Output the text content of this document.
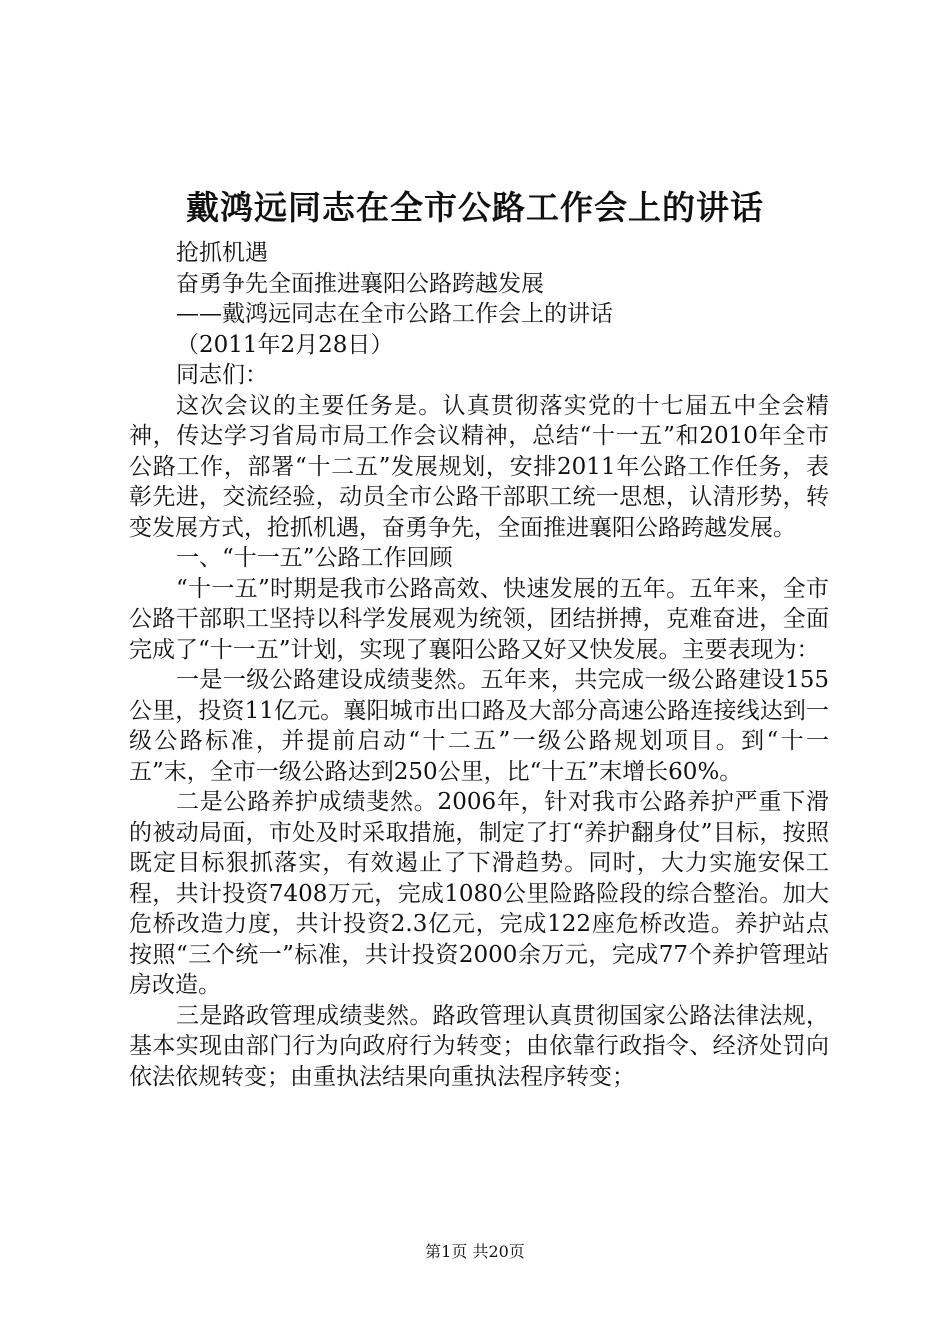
戴鸿远同志在全市公路工作会上的讲话

抢抓机遇

奋勇争先全面推进襄阳公路跨越发展

——戴鸿远同志在全市公路工作会上的讲话

（2011年2月28日）

同志们：

这次会议的主要任务是。认真贯彻落实党的十七届五中全会精神，传达学习省局市局工作会议精神，总结“十一五”和2010年全市公路工作，部署“十二五”发展规划，安排2011年公路工作任务，表彰先进，交流经验，动员全市公路干部职工统一思想，认清形势，转变发展方式，抢抓机遇，奋勇争先，全面推进襄阳公路跨越发展。

一、“十一五”公路工作回顾

“十一五”时期是我市公路高效、快速发展的五年。五年来，全市公路干部职工坚持以科学发展观为统领，团结拼搏，克难奋进，全面完成了“十一五”计划，实现了襄阳公路又好又快发展。主要表现为：

一是一级公路建设成绩斐然。五年来，共完成一级公路建设155公里，投资11亿元。襄阳城市出口路及大部分高速公路连接线达到一级公路标准，并提前启动“十二五”一级公路规划项目。到“十一五”末，全市一级公路达到250公里，比“十五”末增长60%。

二是公路养护成绩斐然。2006年，针对我市公路养护严重下滑的被动局面，市处及时采取措施，制定了打“养护翻身仗”目标，按照既定目标狠抓落实，有效遏止了下滑趋势。同时，大力实施安保工程，共计投资7408万元，完成1080公里险路险段的综合整治。加大危桥改造力度，共计投资2.3亿元，完成122座危桥改造。养护站点按照“三个统一”标准，共计投资2000余万元，完成77个养护管理站房改造。

三是路政管理成绩斐然。路政管理认真贯彻国家公路法律法规，基本实现由部门行为向政府行为转变；由依靠行政指令、经济处罚向依法依规转变；由重执法结果向重执法程序转变；

第1页 共20页
